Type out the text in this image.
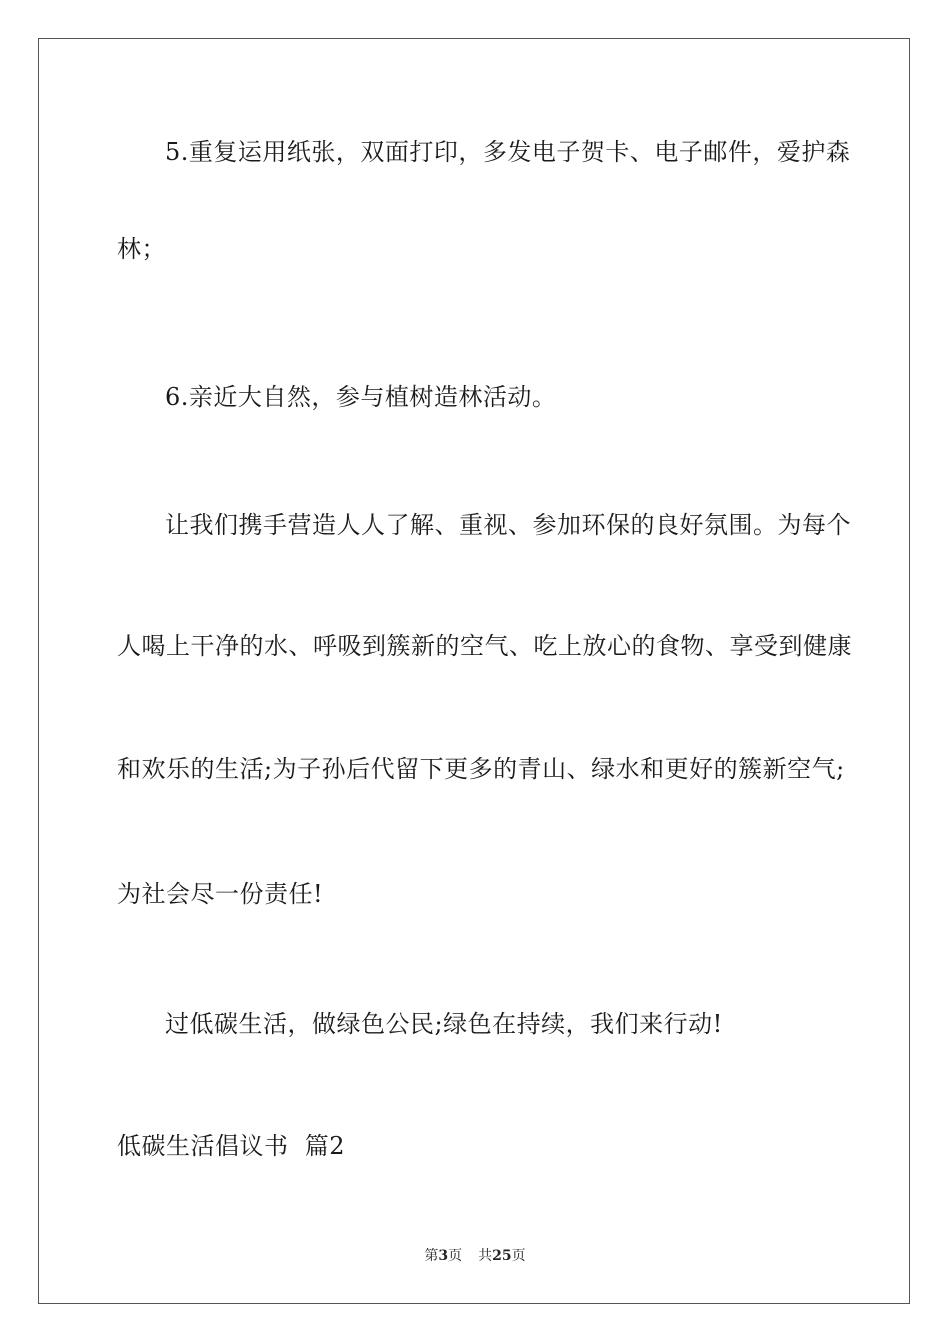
5.重复运用纸张，双面打印，多发电子贺卡、电子邮件，爱护森
林；
6.亲近大自然，参与植树造林活动。
让我们携手营造人人了解、重视、参加环保的良好氛围。为每个
人喝上干净的水、呼吸到簇新的空气、吃上放心的食物、享受到健康
和欢乐的生活;为子孙后代留下更多的青山、绿水和更好的簇新空气;
为社会尽一份责任!
过低碳生活，做绿色公民;绿色在持续，我们来行动!
低碳生活倡议书  篇2
第3页 共25页
